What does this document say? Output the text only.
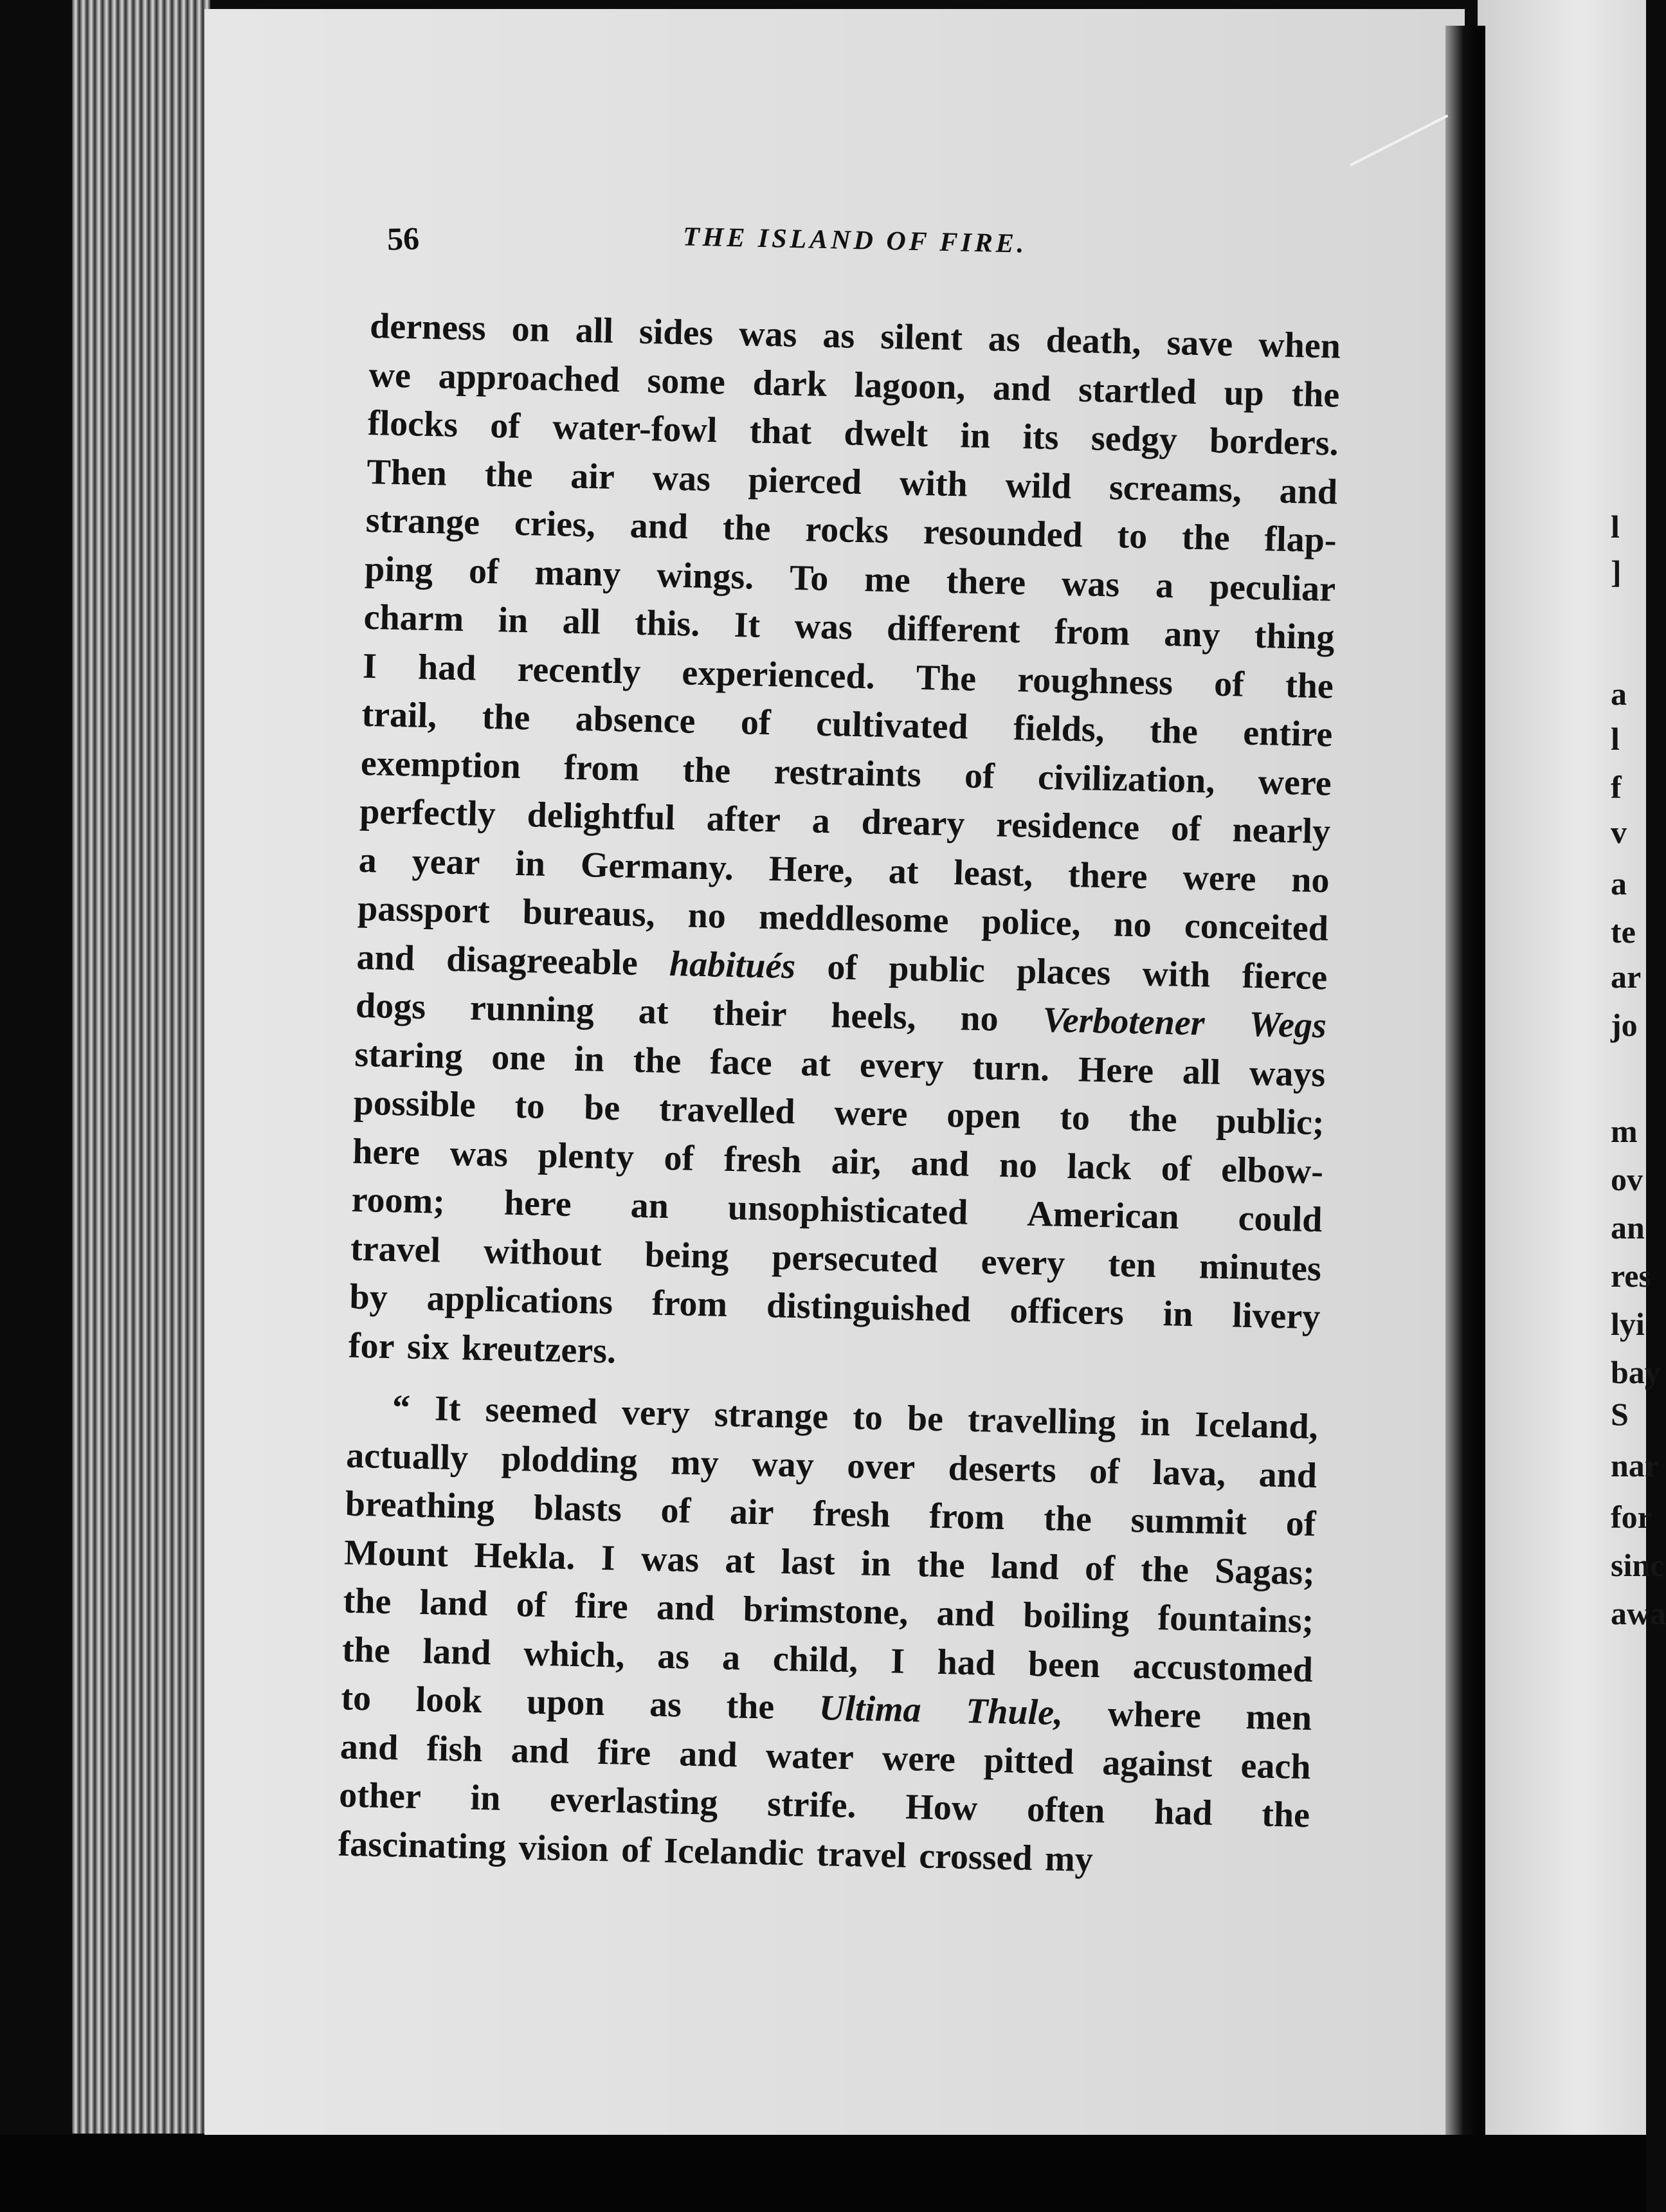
56	THE ISLAND OF FIRE.
derness on all sides was as silent as death, save when
we approached some dark lagoon, and startled up the
flocks of water-fowl that dwelt in its sedgy borders.
Then the air was pierced with wild screams, and
strange cries, and the rocks resounded to the flap-
ping of many wings. To me there was a peculiar
charm in all this. It was different from any thing
I had recently experienced. The roughness of the
trail, the absence of cultivated fields, the entire
exemption from the restraints of civilization, were
perfectly delightful after a dreary residence of nearly
a year in Germany. Here, at least, there were no
passport bureaus, no meddlesome police, no conceited
and disagreeable habitués of public places with fierce
dogs running at their heels, no Verbotener Wegs
staring one in the face at every turn. Here all ways
possible to be travelled were open to the public;
here was plenty of fresh air, and no lack of elbow-
room; here an unsophisticated American could
travel without being persecuted every ten minutes
by applications from distinguished officers in livery
for six kreutzers.
“ It seemed very strange to be travelling in Iceland,
actually plodding my way over deserts of lava, and
breathing blasts of air fresh from the summit of
Mount Hekla. I was at last in the land of the Sagas;
the land of fire and brimstone, and boiling fountains;
the land which, as a child, I had been accustomed
to look upon as the Ultima Thule, where men
and fish and fire and water were pitted against each
other in everlasting strife. How often had the
fascinating vision of Icelandic travel crossed my
l
]
a
l
f
v
a
te
ar
jo
m
ov
an
res
lyi
bay
S
nar
for
sinc
awa
